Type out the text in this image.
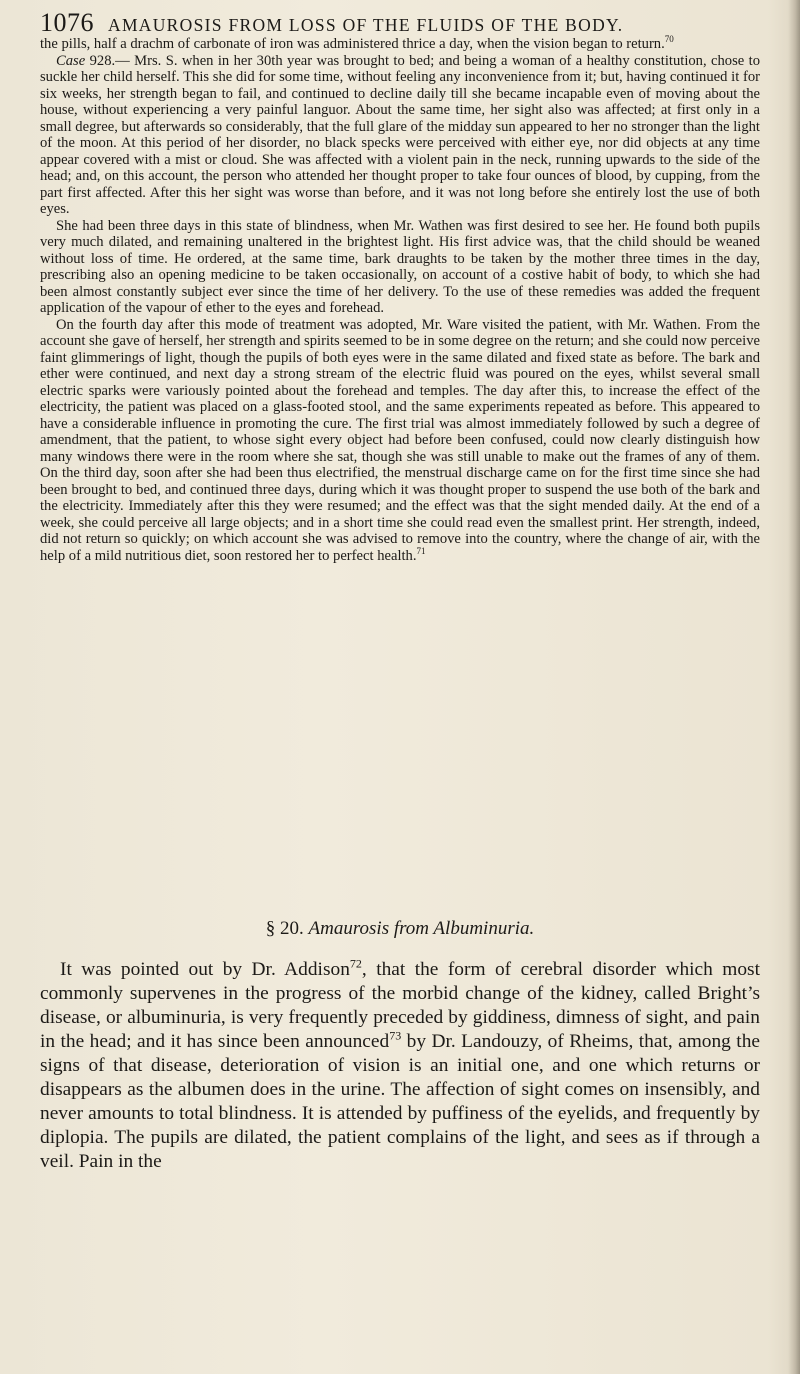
1076 AMAUROSIS FROM LOSS OF THE FLUIDS OF THE BODY.

the pills, half a drachm of carbonate of iron was administered thrice a day, when the vision began to return.$^{70}$

Case 928.— Mrs. S. when in her 30th year was brought to bed; and being a woman of a healthy constitution, chose to suckle her child herself. This she did for some time, without feeling any inconvenience from it; but, having continued it for six weeks, her strength began to fail, and continued to decline daily till she became incapable even of moving about the house, without experiencing a very painful languor. About the same time, her sight also was affected; at first only in a small degree, but afterwards so considerably, that the full glare of the midday sun appeared to her no stronger than the light of the moon. At this period of her disorder, no black specks were perceived with either eye, nor did objects at any time appear covered with a mist or cloud. She was affected with a violent pain in the neck, running upwards to the side of the head; and, on this account, the person who attended her thought proper to take four ounces of blood, by cupping, from the part first affected. After this her sight was worse than before, and it was not long before she entirely lost the use of both eyes.

She had been three days in this state of blindness, when Mr. Wathen was first desired to see her. He found both pupils very much dilated, and remaining unaltered in the brightest light. His first advice was, that the child should be weaned without loss of time. He ordered, at the same time, bark draughts to be taken by the mother three times in the day, prescribing also an opening medicine to be taken occasionally, on account of a costive habit of body, to which she had been almost constantly subject ever since the time of her delivery. To the use of these remedies was added the frequent application of the vapour of ether to the eyes and forehead.

On the fourth day after this mode of treatment was adopted, Mr. Ware visited the patient, with Mr. Wathen. From the account she gave of herself, her strength and spirits seemed to be in some degree on the return; and she could now perceive faint glimmerings of light, though the pupils of both eyes were in the same dilated and fixed state as before. The bark and ether were continued, and next day a strong stream of the electric fluid was poured on the eyes, whilst several small electric sparks were variously pointed about the forehead and temples. The day after this, to increase the effect of the electricity, the patient was placed on a glass-footed stool, and the same experiments repeated as before. This appeared to have a considerable influence in promoting the cure. The first trial was almost immediately followed by such a degree of amendment, that the patient, to whose sight every object had before been confused, could now clearly distinguish how many windows there were in the room where she sat, though she was still unable to make out the frames of any of them. On the third day, soon after she had been thus electrified, the menstrual discharge came on for the first time since she had been brought to bed, and continued three days, during which it was thought proper to suspend the use both of the bark and the electricity. Immediately after this they were resumed; and the effect was that the sight mended daily. At the end of a week, she could perceive all large objects; and in a short time she could read even the smallest print. Her strength, indeed, did not return so quickly; on which account she was advised to remove into the country, where the change of air, with the help of a mild nutritious diet, soon restored her to perfect health.$^{71}$

§ 20. Amaurosis from Albuminuria.

It was pointed out by Dr. Addison$^{72}$, that the form of cerebral disorder which most commonly supervenes in the progress of the morbid change of the kidney, called Bright’s disease, or albuminuria, is very frequently preceded by giddiness, dimness of sight, and pain in the head; and it has since been announced$^{73}$ by Dr. Landouzy, of Rheims, that, among the signs of that disease, deterioration of vision is an initial one, and one which returns or disappears as the albumen does in the urine. The affection of sight comes on insensibly, and never amounts to total blindness. It is attended by puffiness of the eyelids, and frequently by diplopia. The pupils are dilated, the patient complains of the light, and sees as if through a veil. Pain in the
